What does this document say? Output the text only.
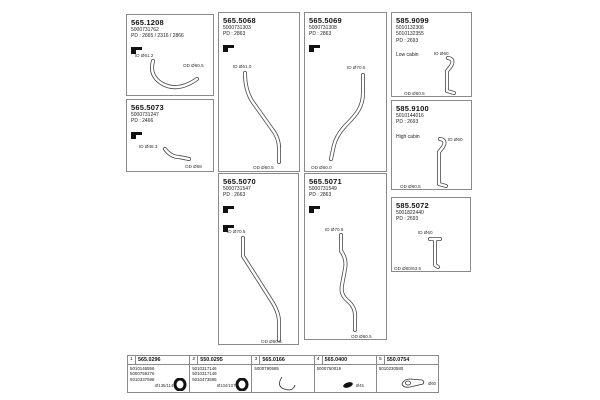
565.1208
5000731762
PD : 2665 / 2316 / 2866
ID Ø61.2
OD Ø60.5
565.5073
5000731247
PD : 2466
ID Ø48.3
OD Ø58
565.5068
5000731303
PD : 2863
ID Ø61.0
OD Ø60.5
565.5069
5000731308
PD : 2863
ID Ø70.5
OD Ø60.0
585.9099
5010132306
5010132355
PD : 2693
Low cabin	ID Ø60
OD Ø60.5
585.9100
5010144016
PD : 2693
High cabin	ID Ø60
OD Ø60.5
565.5070
5000731547
PD : 2663

ID Ø70.5
OD Ø60.5
565.5071
5000731549
PD : 2863
ID Ø70.5
OD Ø60.5
585.5072
5001822440
PD : 2693
ID Ø60
OD Ø60/63.5
1 565.0296
5010146556
5000759276
5010337598
Ø135/114
2 550.0295
5010317146
5010317149
5010473596
Ø104/107
3 565.0166
5000790585
4 565.0400
5000750019
Ø45
5 550.0754
5010230580
Ø60
